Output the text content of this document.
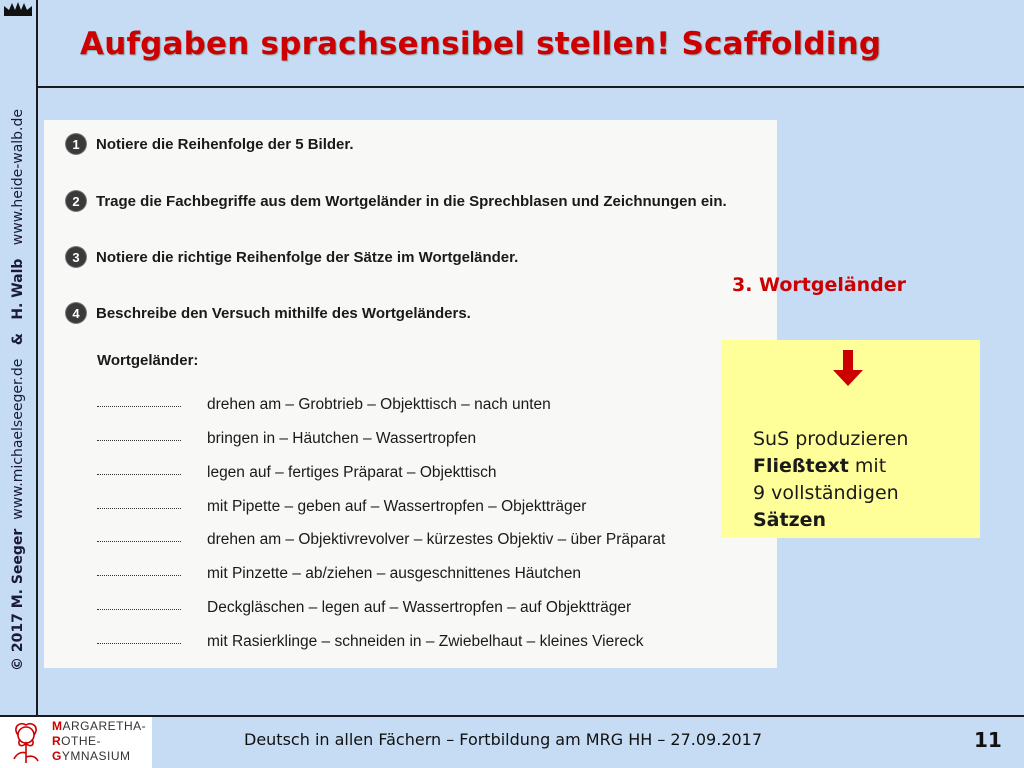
© 2017 M. Seeger  www.michaelseeger.de   &   H. Walb   www.heide-walb.de
Aufgaben sprachsensibel stellen! Scaffolding
1	Notiere die Reihenfolge der 5 Bilder.
2	Trage die Fachbegriffe aus dem Wortgeländer in die Sprechblasen und Zeichnungen ein.
3	Notiere die richtige Reihenfolge der Sätze im Wortgeländer.
4	Beschreibe den Versuch mithilfe des Wortgeländers.
Wortgeländer:
drehen am – Grobtrieb – Objekttisch – nach unten
bringen in – Häutchen – Wassertropfen
legen auf – fertiges Präparat – Objekttisch
mit Pipette – geben auf – Wassertropfen – Objektträger
drehen am – Objektivrevolver – kürzestes Objektiv – über Präparat
mit Pinzette – ab/ziehen – ausgeschnittenes Häutchen
Deckgläschen – legen auf – Wassertropfen – auf Objektträger
mit Rasierklinge – schneiden in – Zwiebelhaut – kleines Viereck
3. Wortgeländer
SuS produzieren
Fließtext mit
9 vollständigen
Sätzen
MARGARETHA-
ROTHE-
GYMNASIUM
Deutsch in allen Fächern – Fortbildung am MRG HH – 27.09.2017	11
